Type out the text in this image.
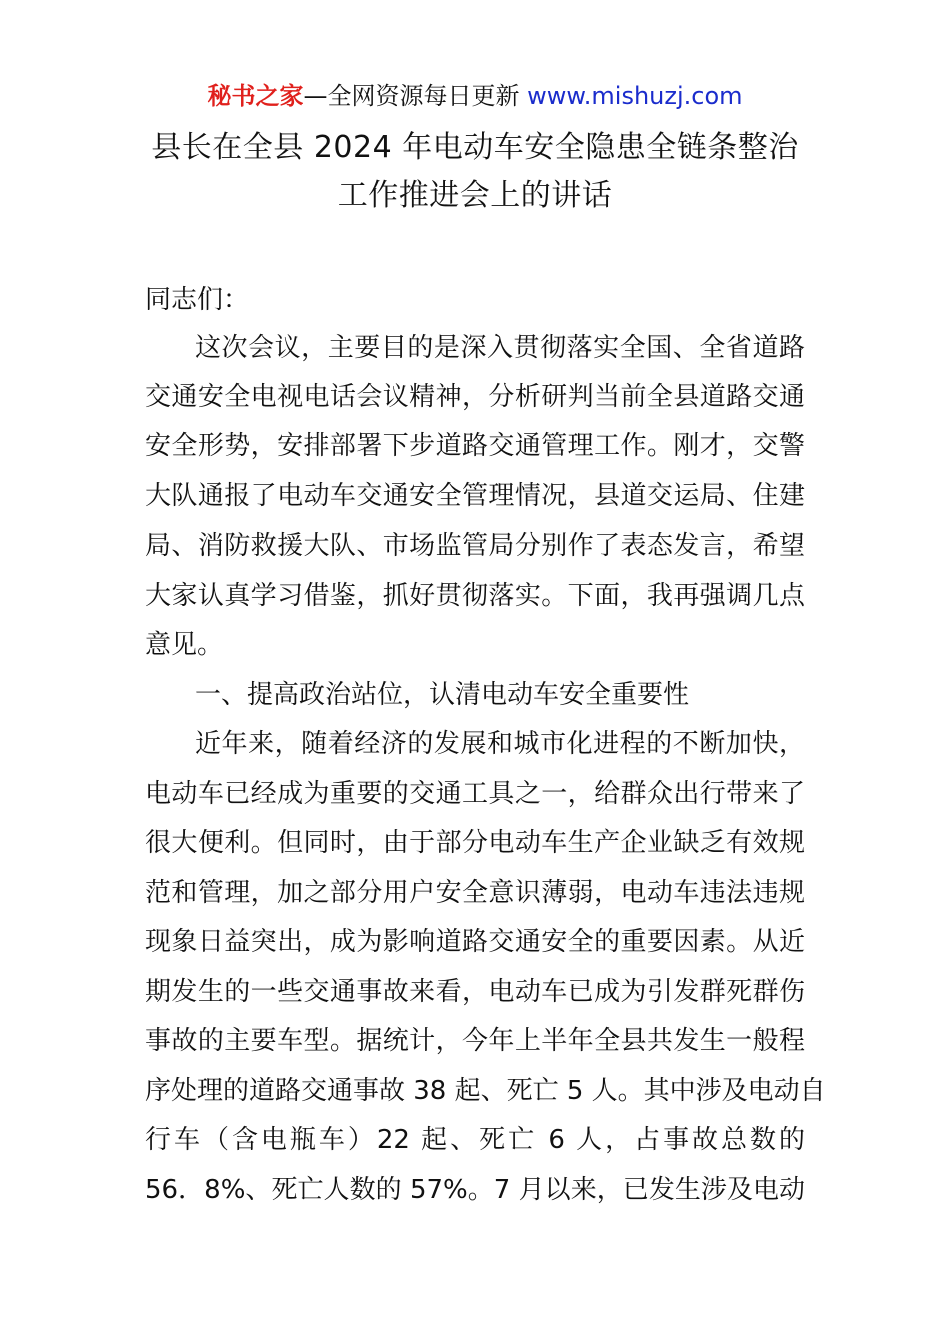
秘书之家—全网资源每日更新 www.mishuzj.com
县长在全县 2024 年电动车安全隐患全链条整治
工作推进会上的讲话
同志们：
这次会议，主要目的是深入贯彻落实全国、全省道路
交通安全电视电话会议精神，分析研判当前全县道路交通
安全形势，安排部署下步道路交通管理工作。刚才，交警
大队通报了电动车交通安全管理情况，县道交运局、住建
局、消防救援大队、市场监管局分别作了表态发言，希望
大家认真学习借鉴，抓好贯彻落实。下面，我再强调几点
意见。
一、提高政治站位，认清电动车安全重要性
近年来，随着经济的发展和城市化进程的不断加快，
电动车已经成为重要的交通工具之一，给群众出行带来了
很大便利。但同时，由于部分电动车生产企业缺乏有效规
范和管理，加之部分用户安全意识薄弱，电动车违法违规
现象日益突出，成为影响道路交通安全的重要因素。从近
期发生的一些交通事故来看，电动车已成为引发群死群伤
事故的主要车型。据统计，今年上半年全县共发生一般程
序处理的道路交通事故 38 起、死亡 5 人。其中涉及电动自
行车（含电瓶车）22 起、死亡 6 人，占事故总数的
56．8%、死亡人数的 57%。7 月以来，已发生涉及电动
